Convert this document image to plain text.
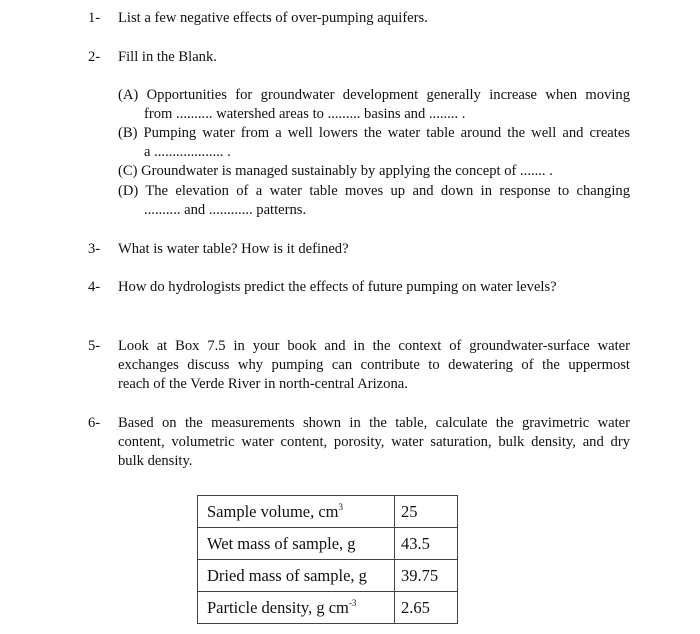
1-	List a few negative effects of over-pumping aquifers.
2-	Fill in the Blank.
(A) Opportunities for groundwater development generally increase when moving
from .......... watershed areas to ......... basins and ........ .
(B) Pumping water from a well lowers the water table around the well and creates
a ................... .
(C) Groundwater is managed sustainably by applying the concept of ....... .
(D) The elevation of a water table moves up and down in response to changing
.......... and ............ patterns.
3-	What is water table? How is it defined?
4-	How do hydrologists predict the effects of future pumping on water levels?
5-	Look at Box 7.5 in your book and in the context of groundwater-surface water
exchanges discuss why pumping can contribute to dewatering of the uppermost
reach of the Verde River in north-central Arizona.
6-	Based on the measurements shown in the table, calculate the gravimetric water
content, volumetric water content, porosity, water saturation, bulk density, and dry
bulk density.
Sample volume, $cm^3$	25
Wet mass of sample, g	43.5
Dried mass of sample, g	39.75
Particle density, g $cm^{-3}$	2.65
